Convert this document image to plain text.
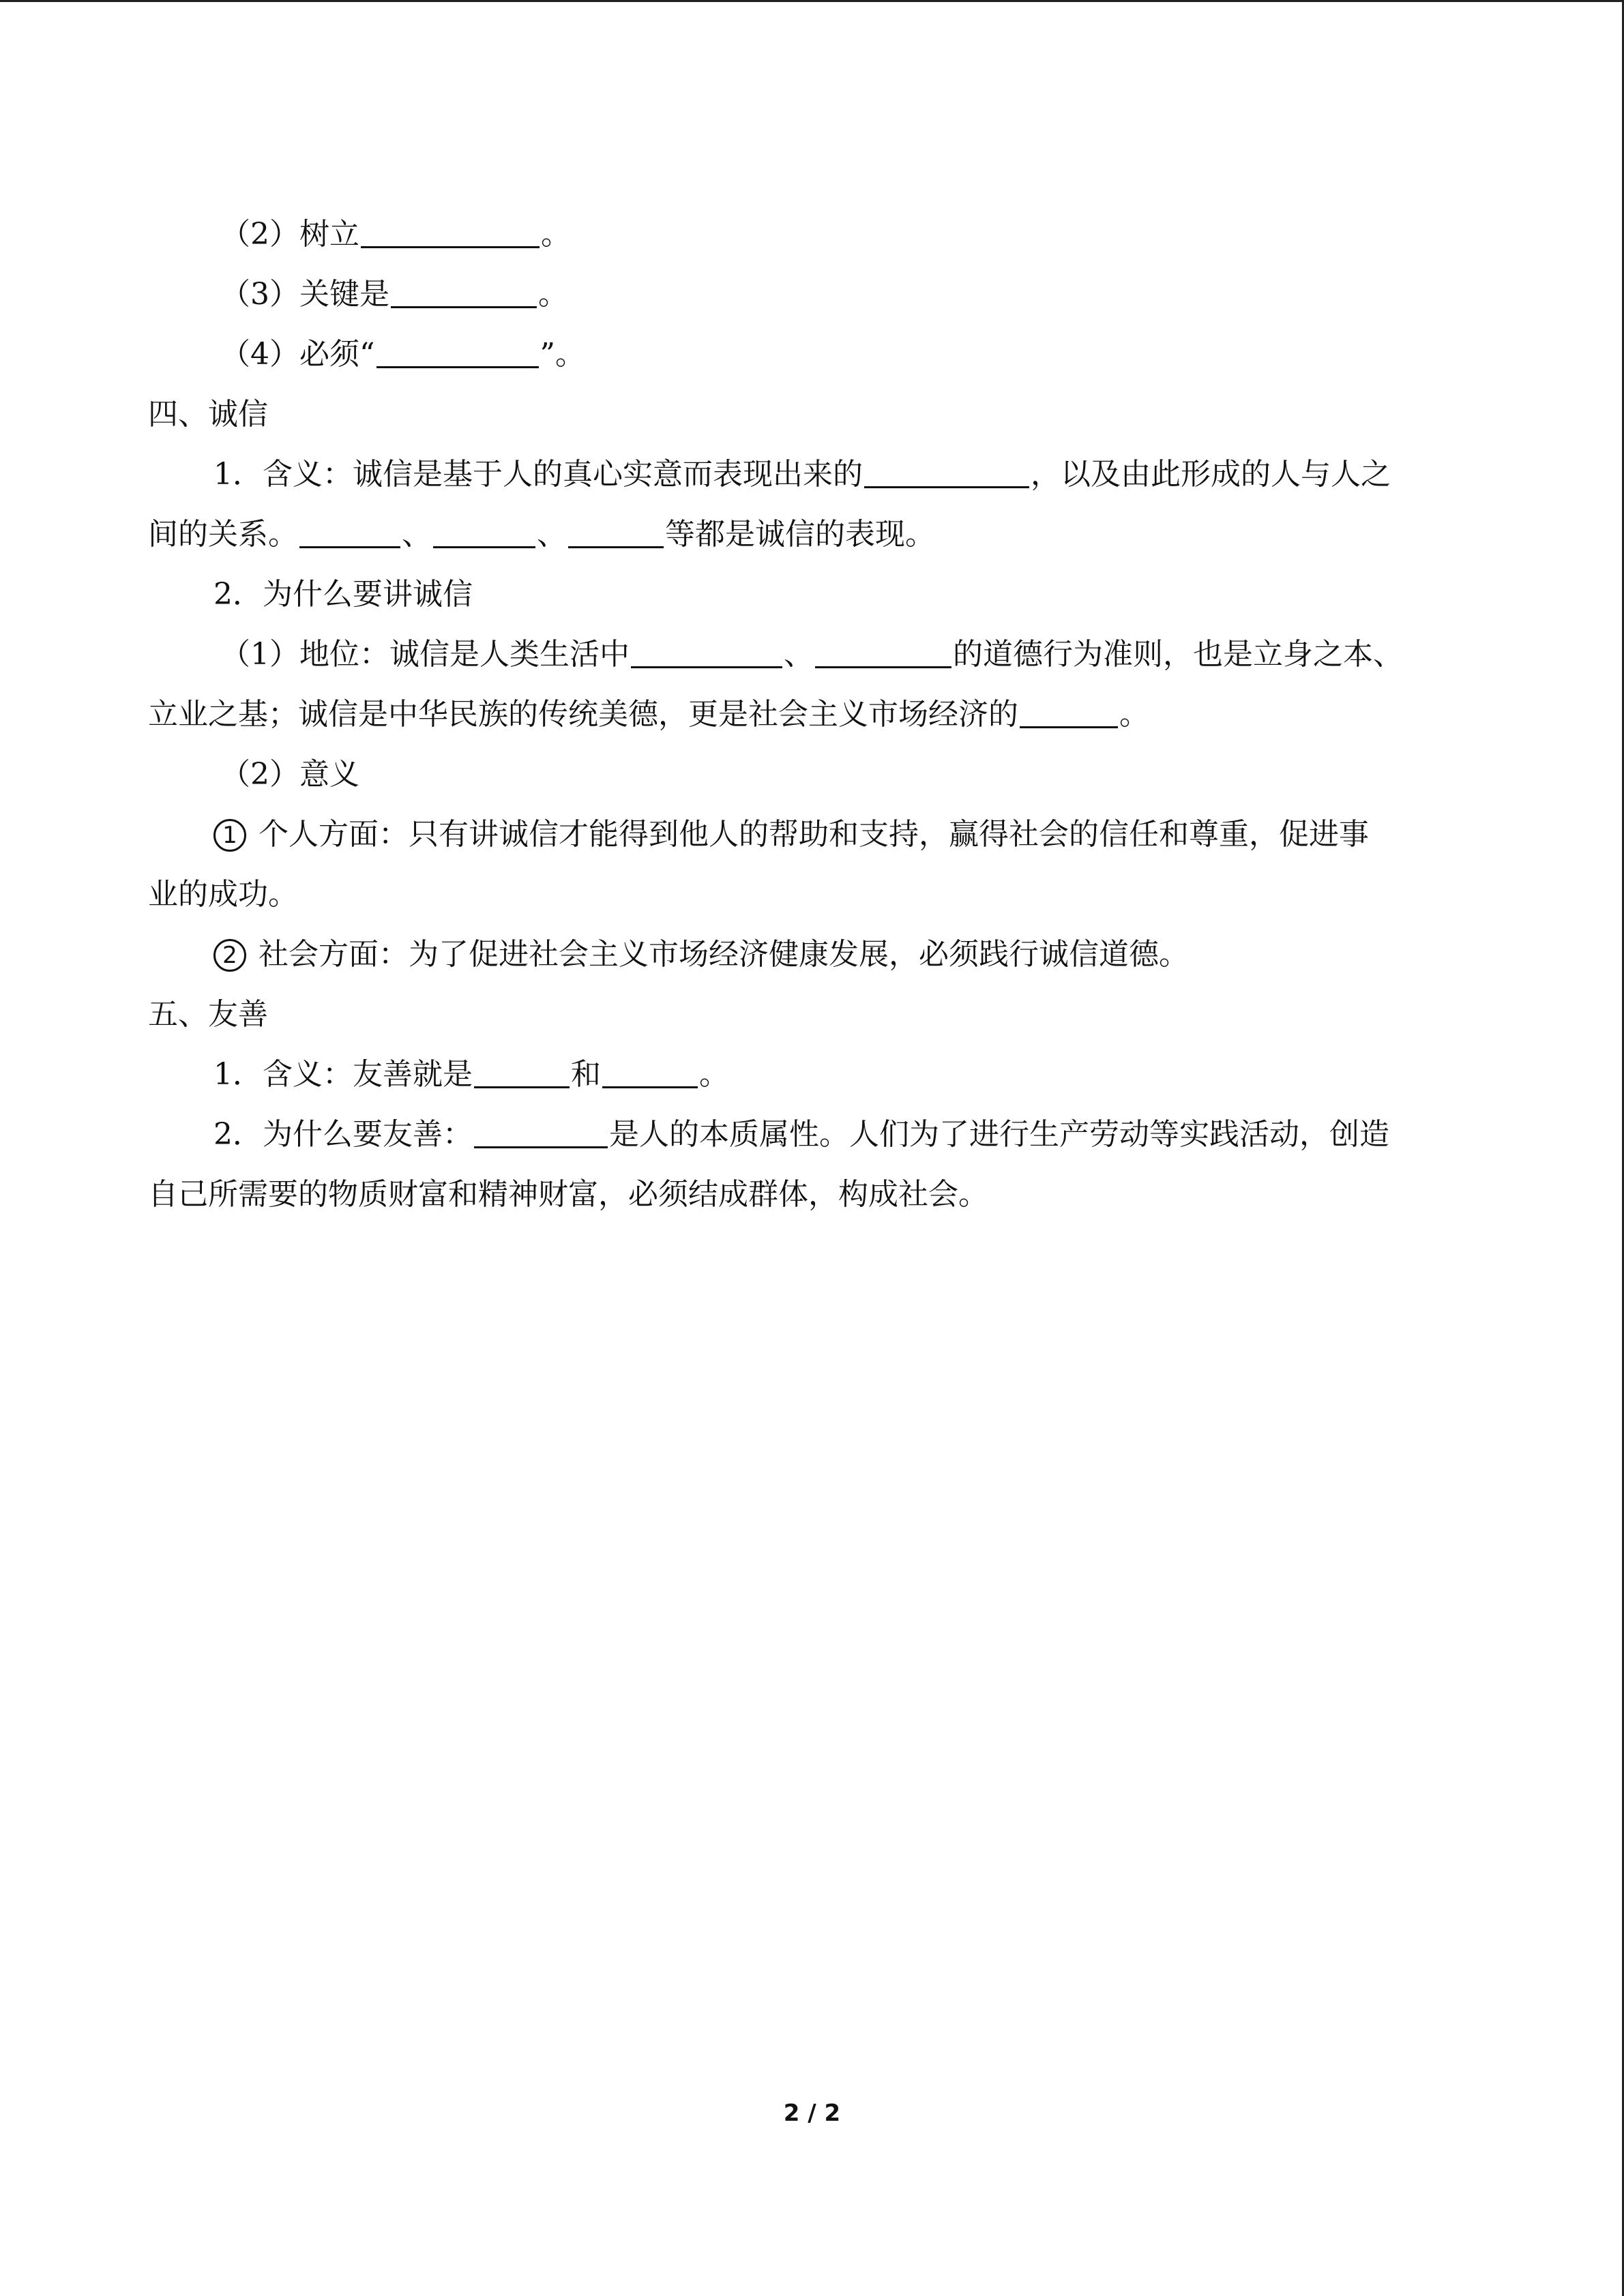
（2）树立	。
（3）关键是	。
（4）必须“	”。
四、诚信
1．含义：诚信是基于人的真心实意而表现出来的	，以及由此形成的人与人之
间的关系。	、	、	等都是诚信的表现。
2．为什么要讲诚信
（1）地位：诚信是人类生活中	、	的道德行为准则，也是立身之本、
立业之基；诚信是中华民族的传统美德，更是社会主义市场经济的	。
（2）意义
1 个人方面：只有讲诚信才能得到他人的帮助和支持，赢得社会的信任和尊重，促进事
业的成功。
2 社会方面：为了促进社会主义市场经济健康发展，必须践行诚信道德。
五、友善
1．含义：友善就是	和	。
2．为什么要友善：	是人的本质属性。人们为了进行生产劳动等实践活动，创造
自己所需要的物质财富和精神财富，必须结成群体，构成社会。
2 / 2
